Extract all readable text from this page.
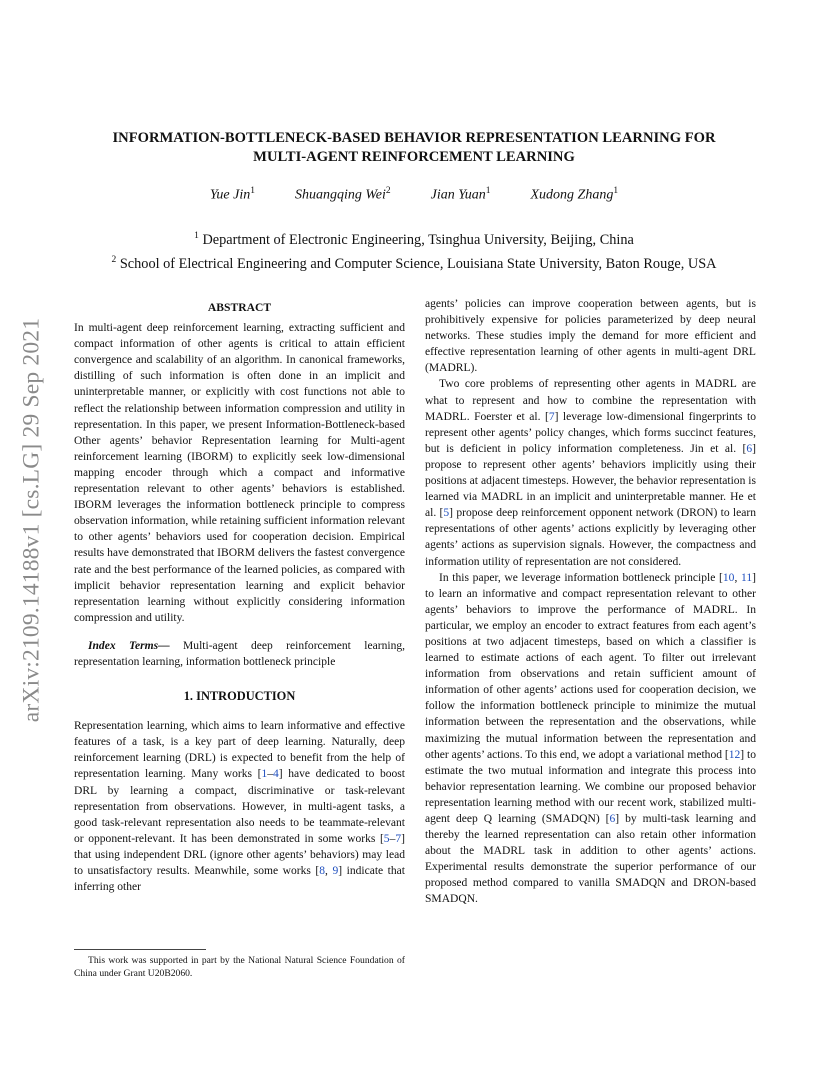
arXiv:2109.14188v1 [cs.LG] 29 Sep 2021
INFORMATION-BOTTLENECK-BASED BEHAVIOR REPRESENTATION LEARNING FOR
MULTI-AGENT REINFORCEMENT LEARNING
Yue Jin$^1$	Shuangqing Wei$^2$	Jian Yuan$^1$	Xudong Zhang$^1$
$^1$ Department of Electronic Engineering, Tsinghua University, Beijing, China
$^2$ School of Electrical Engineering and Computer Science, Louisiana State University, Baton Rouge, USA
ABSTRACT

In multi-agent deep reinforcement learning, extracting sufficient and compact information of other agents is critical to attain efficient convergence and scalability of an algorithm. In canonical frameworks, distilling of such information is often done in an implicit and uninterpretable manner, or explicitly with cost functions not able to reflect the relationship between information compression and utility in representation. In this paper, we present Information-Bottleneck-based Other agents’ behavior Representation learning for Multi-agent reinforcement learning (IBORM) to explicitly seek low-dimensional mapping encoder through which a compact and informative representation relevant to other agents’ behaviors is established. IBORM leverages the information bottleneck principle to compress observation information, while retaining sufficient information relevant to other agents’ behaviors used for cooperation decision. Empirical results have demonstrated that IBORM delivers the fastest convergence rate and the best performance of the learned policies, as compared with implicit behavior representation learning and explicit behavior representation learning without explicitly considering information compression and utility.

Index Terms— Multi-agent deep reinforcement learning, representation learning, information bottleneck principle

1. INTRODUCTION

Representation learning, which aims to learn informative and effective features of a task, is a key part of deep learning. Naturally, deep reinforcement learning (DRL) is expected to benefit from the help of representation learning. Many works [1–4] have dedicated to boost DRL by learning a compact, discriminative or task-relevant representation from observations. However, in multi-agent tasks, a good task-relevant representation also needs to be teammate-relevant or opponent-relevant. It has been demonstrated in some works [5–7] that using independent DRL (ignore other agents’ behaviors) may lead to unsatisfactory results. Meanwhile, some works [8, 9] indicate that inferring other

agents’ policies can improve cooperation between agents, but is prohibitively expensive for policies parameterized by deep neural networks. These studies imply the demand for more efficient and effective representation learning of other agents in multi-agent DRL (MADRL).

Two core problems of representing other agents in MADRL are what to represent and how to combine the representation with MADRL. Foerster et al. [7] leverage low-dimensional fingerprints to represent other agents’ policy changes, which forms succinct features, but is deficient in policy information completeness. Jin et al. [6] propose to represent other agents’ behaviors implicitly using their positions at adjacent timesteps. However, the behavior representation is learned via MADRL in an implicit and uninterpretable manner. He et al. [5] propose deep reinforcement opponent network (DRON) to learn representations of other agents’ actions explicitly by leveraging other agents’ actions as supervision signals. However, the compactness and information utility of representation are not considered.

In this paper, we leverage information bottleneck principle [10, 11] to learn an informative and compact representation relevant to other agents’ behaviors to improve the performance of MADRL. In particular, we employ an encoder to extract features from each agent’s positions at two adjacent timesteps, based on which a classifier is learned to estimate actions of each agent. To filter out irrelevant information from observations and retain sufficient amount of information of other agents’ actions used for cooperation decision, we follow the information bottleneck principle to minimize the mutual information between the representation and the observations, while maximizing the mutual information between the representation and other agents’ actions. To this end, we adopt a variational method [12] to estimate the two mutual information and integrate this process into behavior representation learning. We combine our proposed behavior representation learning method with our recent work, stabilized multi-agent deep Q learning (SMADQN) [6] by multi-task learning and thereby the learned representation can also retain other information about the MADRL task in addition to other agents’ actions. Experimental results demonstrate the superior performance of our proposed method compared to vanilla SMADQN and DRON-based SMADQN.

This work was supported in part by the National Natural Science Foundation of China under Grant U20B2060.
